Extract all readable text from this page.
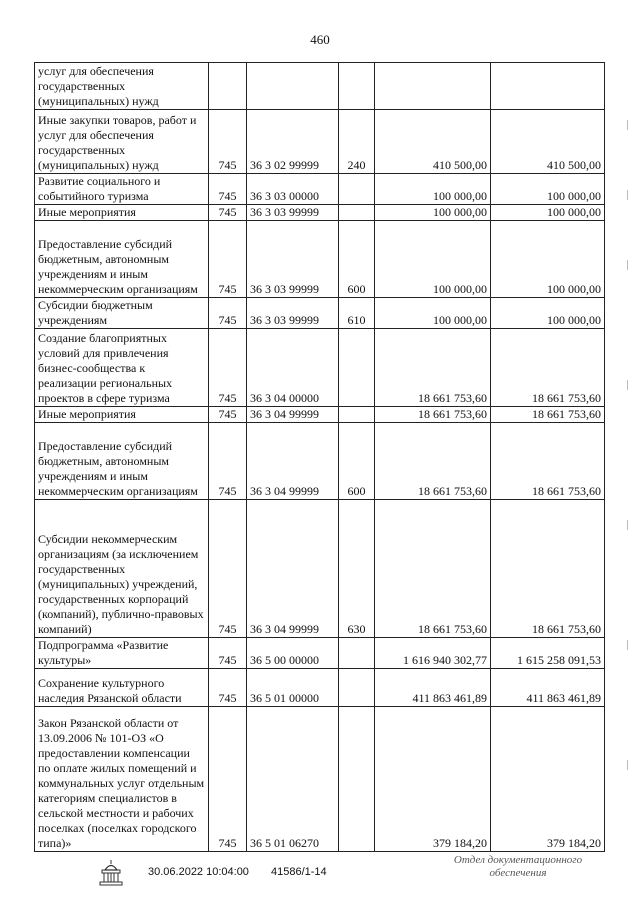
460
услуг для обеспечения государственных (муниципальных) нужд					
Иные закупки товаров, работ и услуг для обеспечения государственных (муниципальных) нужд	745	36 3 02 99999	240	410 500,00	410 500,00
Развитие социального и событийного туризма	745	36 3 03 00000		100 000,00	100 000,00
Иные мероприятия	745	36 3 03 99999		100 000,00	100 000,00
Предоставление субсидий бюджетным, автономным учреждениям и иным некоммерческим организациям	745	36 3 03 99999	600	100 000,00	100 000,00
Субсидии бюджетным учреждениям	745	36 3 03 99999	610	100 000,00	100 000,00
Создание благоприятных условий для привлечения бизнес-сообщества к реализации региональных проектов в сфере туризма	745	36 3 04 00000		18 661 753,60	18 661 753,60
Иные мероприятия	745	36 3 04 99999		18 661 753,60	18 661 753,60
Предоставление субсидий бюджетным, автономным учреждениям и иным некоммерческим организациям	745	36 3 04 99999	600	18 661 753,60	18 661 753,60
Субсидии некоммерческим организациям (за исключением государственных (муниципальных) учреждений, государственных корпораций (компаний), публично-правовых компаний)	745	36 3 04 99999	630	18 661 753,60	18 661 753,60
Подпрограмма «Развитие культуры»	745	36 5 00 00000		1 616 940 302,77	1 615 258 091,53
Сохранение культурного наследия Рязанской области	745	36 5 01 00000		411 863 461,89	411 863 461,89
Закон Рязанской области от 13.09.2006 № 101-ОЗ «О предоставлении компенсации по оплате жилых помещений и коммунальных услуг отдельным категориям специалистов в сельской местности и рабочих поселках (поселках городского типа)»	745	36 5 01 06270		379 184,20	379 184,20
30.06.2022 10:04:00 41586/1-14
Отдел документационного
обеспечения
